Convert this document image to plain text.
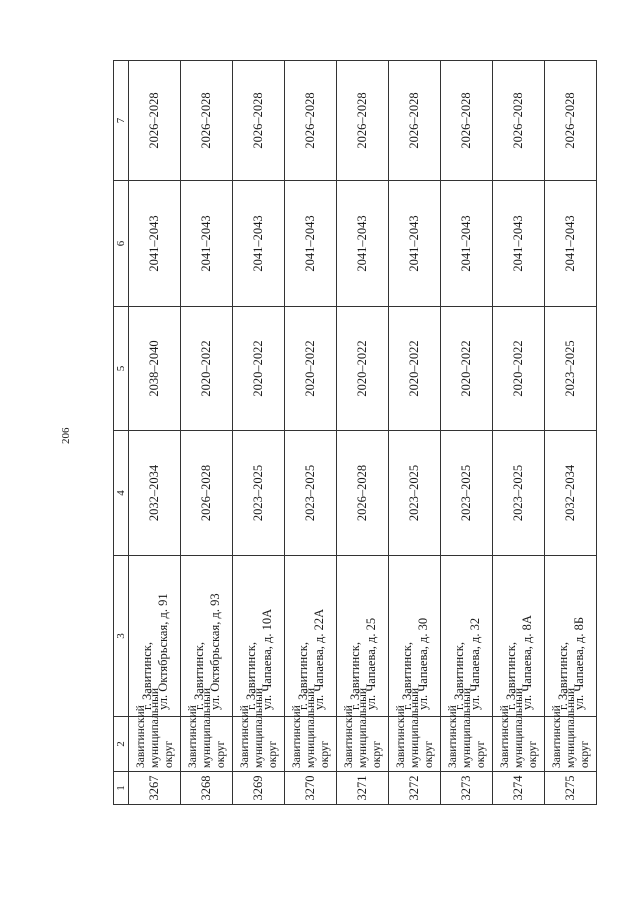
206
1	2	3	4	5	6	7
3267	Завитинский муниципальный округ	г. Завитинск, ул. Октябрьская, д. 91	2032–2034	2038–2040	2041–2043	2026–2028
3268	Завитинский муниципальный округ	г. Завитинск, ул. Октябрьская, д. 93	2026–2028	2020–2022	2041–2043	2026–2028
3269	Завитинский муниципальный округ	г. Завитинск, ул. Чапаева, д. 10А	2023–2025	2020–2022	2041–2043	2026–2028
3270	Завитинский муниципальный округ	г. Завитинск, ул. Чапаева, д. 22А	2023–2025	2020–2022	2041–2043	2026–2028
3271	Завитинский муниципальный округ	г. Завитинск, ул. Чапаева, д. 25	2026–2028	2020–2022	2041–2043	2026–2028
3272	Завитинский муниципальный округ	г. Завитинск, ул. Чапаева, д. 30	2023–2025	2020–2022	2041–2043	2026–2028
3273	Завитинский муниципальный округ	г. Завитинск, ул. Чапаева, д. 32	2023–2025	2020–2022	2041–2043	2026–2028
3274	Завитинский муниципальный округ	г. Завитинск, ул. Чапаева, д. 8А	2023–2025	2020–2022	2041–2043	2026–2028
3275	Завитинский муниципальный округ	г. Завитинск, ул. Чапаева, д. 8Б	2032–2034	2023–2025	2041–2043	2026–2028
